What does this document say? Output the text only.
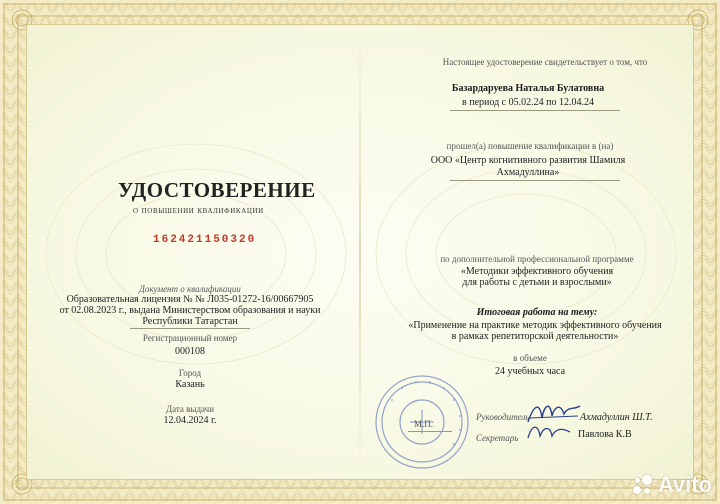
УДОСТОВЕРЕНИЕ
о повышении квалификации
162421150320
Документ о квалификации
Образовательная лицензия № № Л035-01272-16/00667905
от 02.08.2023 г., выдана Министерством образования и науки
Республики Татарстан
Регистрационный номер
000108
Город
Казань
Дата выдачи
12.04.2024 г.
Настоящее удостоверение свидетельствует о том, что
Базардаруева Наталья Булатовна
в период с 05.02.24 по 12.04.24
прошел(а) повышение квалификации в (на)
ООО «Центр когнитивного развития Шамиля
Ахмадуллина»
по дополнительной профессиональной программе
«Методики эффективного обучения
для работы с детьми и взрослыми»
Итоговая работа на тему:
«Применение на практике методик эффективного обучения
в рамках репетиторской деятельности»
в объеме
24 учебных часа
М.П.
Руководитель	Ахмадуллин Ш.Т.
Секретарь	Павлова К.В
Avito
